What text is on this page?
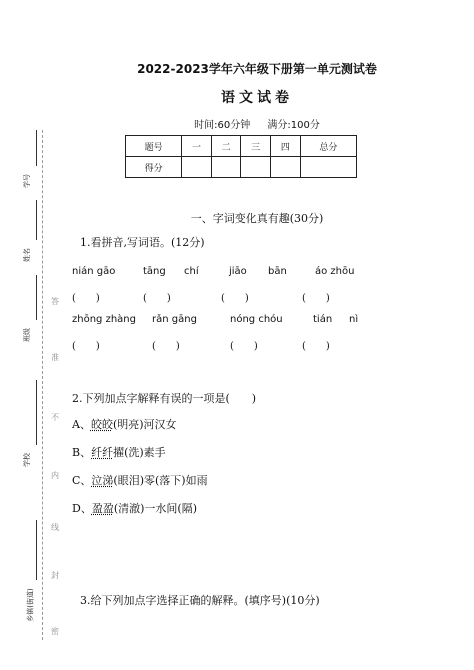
学号
姓名
班级
学校
乡镇(街道)
答
准
不
内
线
封
密
2022-2023学年六年级下册第一单元测试卷
语文试卷
时间:60分钟 满分:100分
题号	一	二	三	四	总分
得分					
一、字词变化真有趣(30分)
1.看拼音,写词语。(12分)
nián gāo	tāng chí	jiāo bān	áo zhōu
(　　)	(　　)	(　　)	(　　)
zhōng zhàng rǎn gāng	nóng chóu	tián nì
(　　)	(　　)	(　　)	(　　)
2.下列加点字解释有误的一项是(　　)
A、皎皎(明亮)河汉女
B、纤纤擢(洗)素手
C、泣涕(眼泪)零(落下)如雨
D、盈盈(清澈)一水间(隔)
3.给下列加点字选择正确的解释。(填序号)(10分)
